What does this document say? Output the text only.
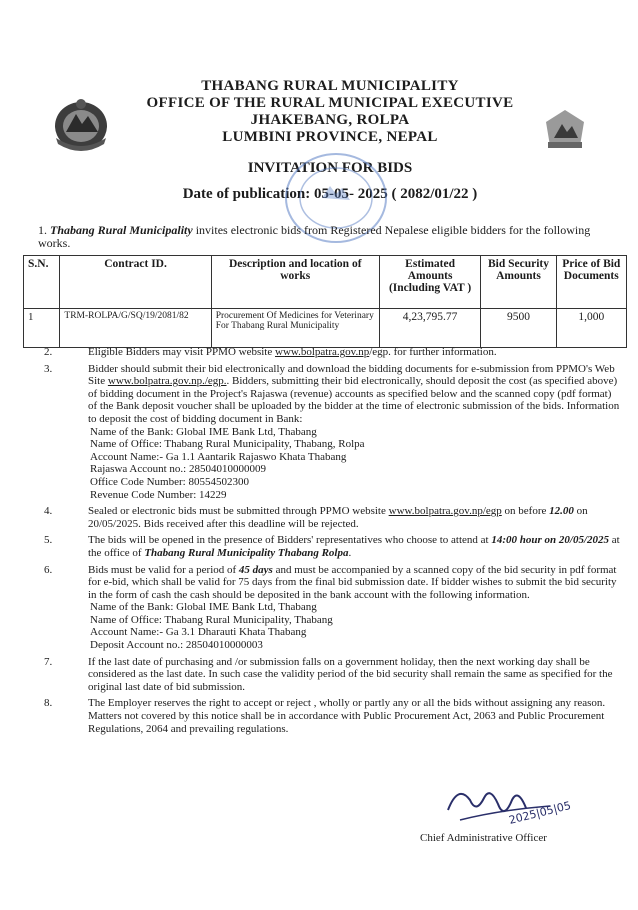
THABANG RURAL MUNICIPALITY
OFFICE OF THE RURAL MUNICIPAL EXECUTIVE
JHAKEBANG, ROLPA
LUMBINI PROVINCE, NEPAL
INVITATION FOR BIDS
Date of publication: 05-05- 2025 ( 2082/01/22 )
1. Thabang Rural Municipality invites electronic bids from Registered Nepalese eligible bidders for the following works.
S.N.	Contract ID.	Description and location of works	Estimated Amounts (Including VAT )	Bid Security Amounts	Price of Bid Documents
1	TRM-ROLPA/G/SQ/19/2081/82	Procurement Of Medicines for Veterinary For Thabang Rural Municipality	4,23,795.77	9500	1,000
2.	Eligible Bidders may visit PPMO website www.bolpatra.gov.np/egp. for further information.

3.	Bidder should submit their bid electronically and download the bidding documents for e-submission from PPMO's Web Site www.bolpatra.gov.np./egp.. Bidders, submitting their bid electronically, should deposit the cost (as specified above) of bidding document in the Project's Rajaswa (revenue) accounts as specified below and the scanned copy (pdf format) of the Bank deposit voucher shall be uploaded by the bidder at the time of electronic submission of the bids. Information to deposit the cost of bidding document in Bank:

Name of the Bank: Global IME Bank Ltd, Thabang
Name of Office: Thabang Rural Municipality, Thabang, Rolpa
Account Name:- Ga 1.1 Aantarik Rajaswo Khata Thabang
Rajaswa Account no.: 28504010000009
Office Code Number: 80554502300
Revenue Code Number: 14229
4.	Sealed or electronic bids must be submitted through PPMO website www.bolpatra.gov.np/egp on before 12.00 on 20/05/2025. Bids received after this deadline will be rejected.

5.	The bids will be opened in the presence of Bidders' representatives who choose to attend at 14:00 hour on 20/05/2025 at the office of Thabang Rural Municipality Thabang Rolpa.

6.	Bids must be valid for a period of 45 days and must be accompanied by a scanned copy of the bid security in pdf format for e-bid, which shall be valid for 75 days from the final bid submission date. If bidder wishes to submit the bid security in the form of cash the cash should be deposited in the bank account with the following information.

Name of the Bank: Global IME Bank Ltd, Thabang
Name of Office: Thabang Rural Municipality, Thabang
Account Name:- Ga 3.1 Dharauti Khata Thabang
Deposit Account no.: 28504010000003
7.	If the last date of purchasing and /or submission falls on a government holiday, then the next working day shall be considered as the last date. In such case the validity period of the bid security shall remain the same as specified for the original last date of bid submission.

8.	The Employer reserves the right to accept or reject , wholly or partly any or all the bids without assigning any reason. Matters not covered by this notice shall be in accordance with Public Procurement Act, 2063 and Public Procurement Regulations, 2064 and prevailing regulations.

2025|05|05
Chief Administrative Officer
